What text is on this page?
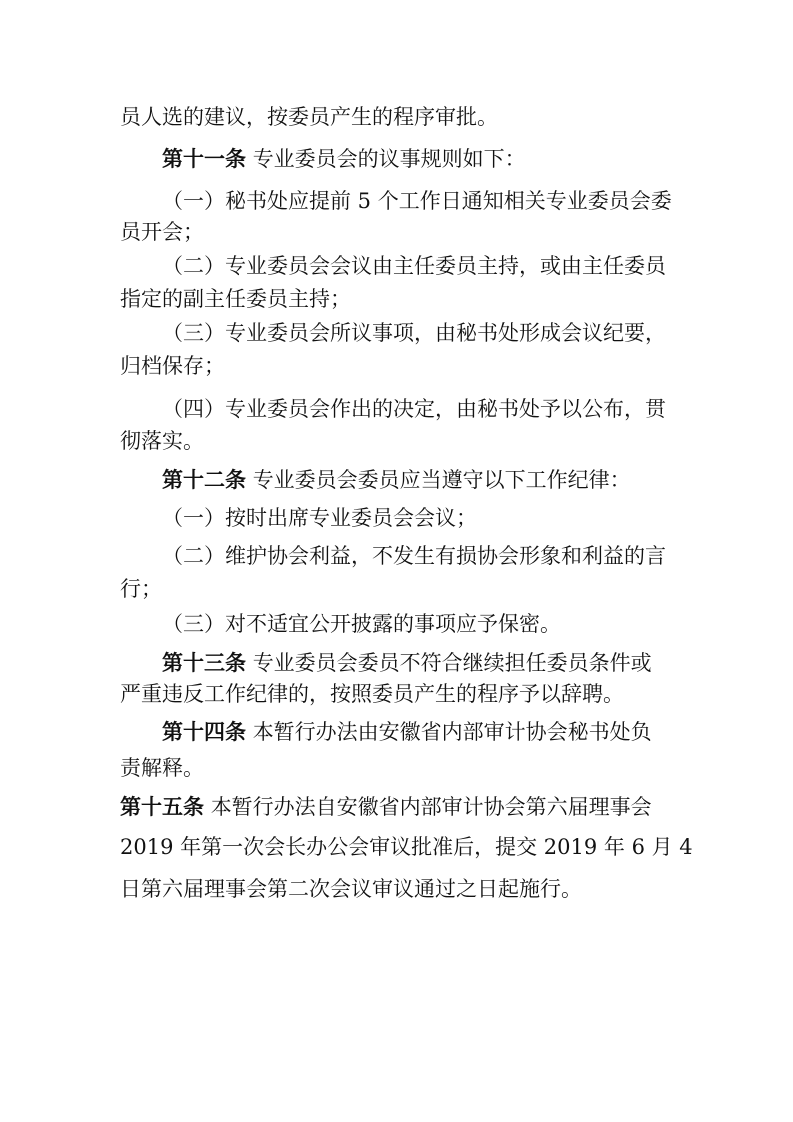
员人选的建议，按委员产生的程序审批。
第十一条 专业委员会的议事规则如下：
（一）秘书处应提前 5 个工作日通知相关专业委员会委
员开会；
（二）专业委员会会议由主任委员主持，或由主任委员
指定的副主任委员主持；
（三）专业委员会所议事项，由秘书处形成会议纪要，
归档保存；
（四）专业委员会作出的决定，由秘书处予以公布，贯
彻落实。
第十二条 专业委员会委员应当遵守以下工作纪律：
（一）按时出席专业委员会会议；
（二）维护协会利益，不发生有损协会形象和利益的言
行；
（三）对不适宜公开披露的事项应予保密。
第十三条 专业委员会委员不符合继续担任委员条件或
严重违反工作纪律的，按照委员产生的程序予以辞聘。
第十四条 本暂行办法由安徽省内部审计协会秘书处负
责解释。
第十五条 本暂行办法自安徽省内部审计协会第六届理事会
2019 年第一次会长办公会审议批准后，提交 2019 年 6 月 4
日第六届理事会第二次会议审议通过之日起施行。
